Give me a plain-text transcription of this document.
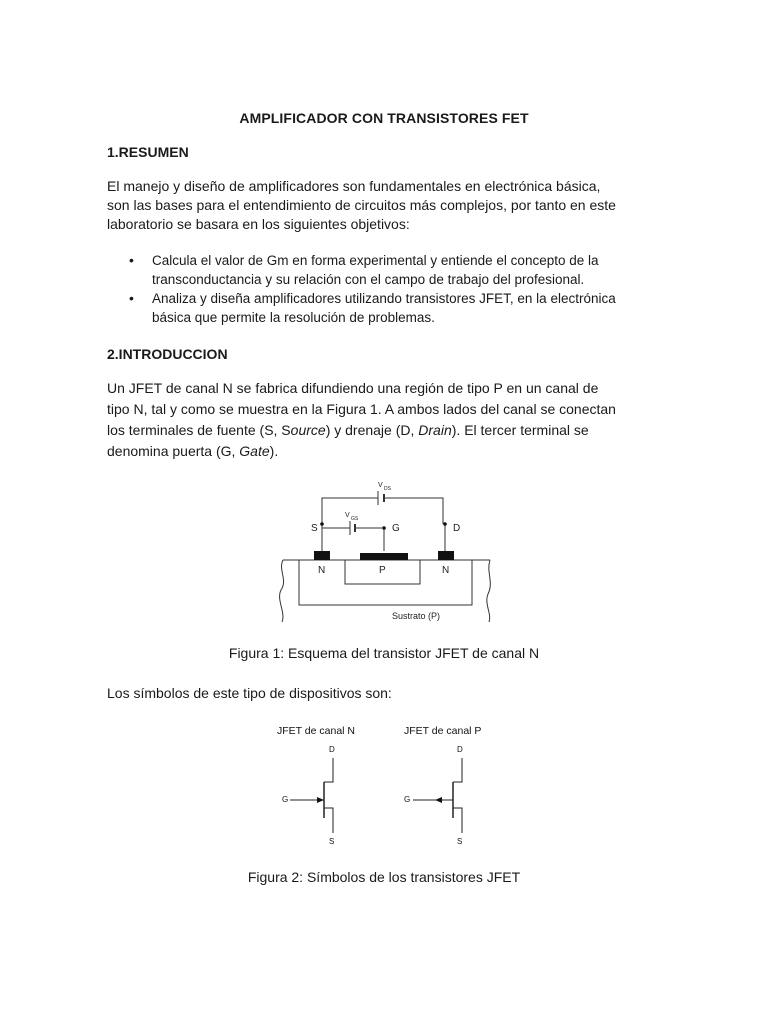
AMPLIFICADOR CON TRANSISTORES FET
1.RESUMEN
El manejo y diseño de amplificadores son fundamentales en electrónica básica,
son las bases para el entendimiento de circuitos más complejos, por tanto en este
laboratorio se basara en los siguientes objetivos:
• Calcula el valor de Gm en forma experimental y entiende el concepto de la
transconductancia y su relación con el campo de trabajo del profesional.
• Analiza y diseña amplificadores utilizando transistores JFET, en la electrónica
básica que permite la resolución de problemas.
2.INTRODUCCION
Un JFET de canal N se fabrica difundiendo una región de tipo P en un canal de
tipo N, tal y como se muestra en la Figura 1. A ambos lados del canal se conectan
los terminales de fuente (S, Source) y drenaje (D, Drain). El tercer terminal se
denomina puerta (G, Gate).
V DS
V GS
S	G	D
N	P	N
Sustrato (P)
Figura 1: Esquema del transistor JFET de canal N
Los símbolos de este tipo de dispositivos son:
JFET de canal N	JFET de canal P
D	D
G	G
S	S
Figura 2: Símbolos de los transistores JFET
